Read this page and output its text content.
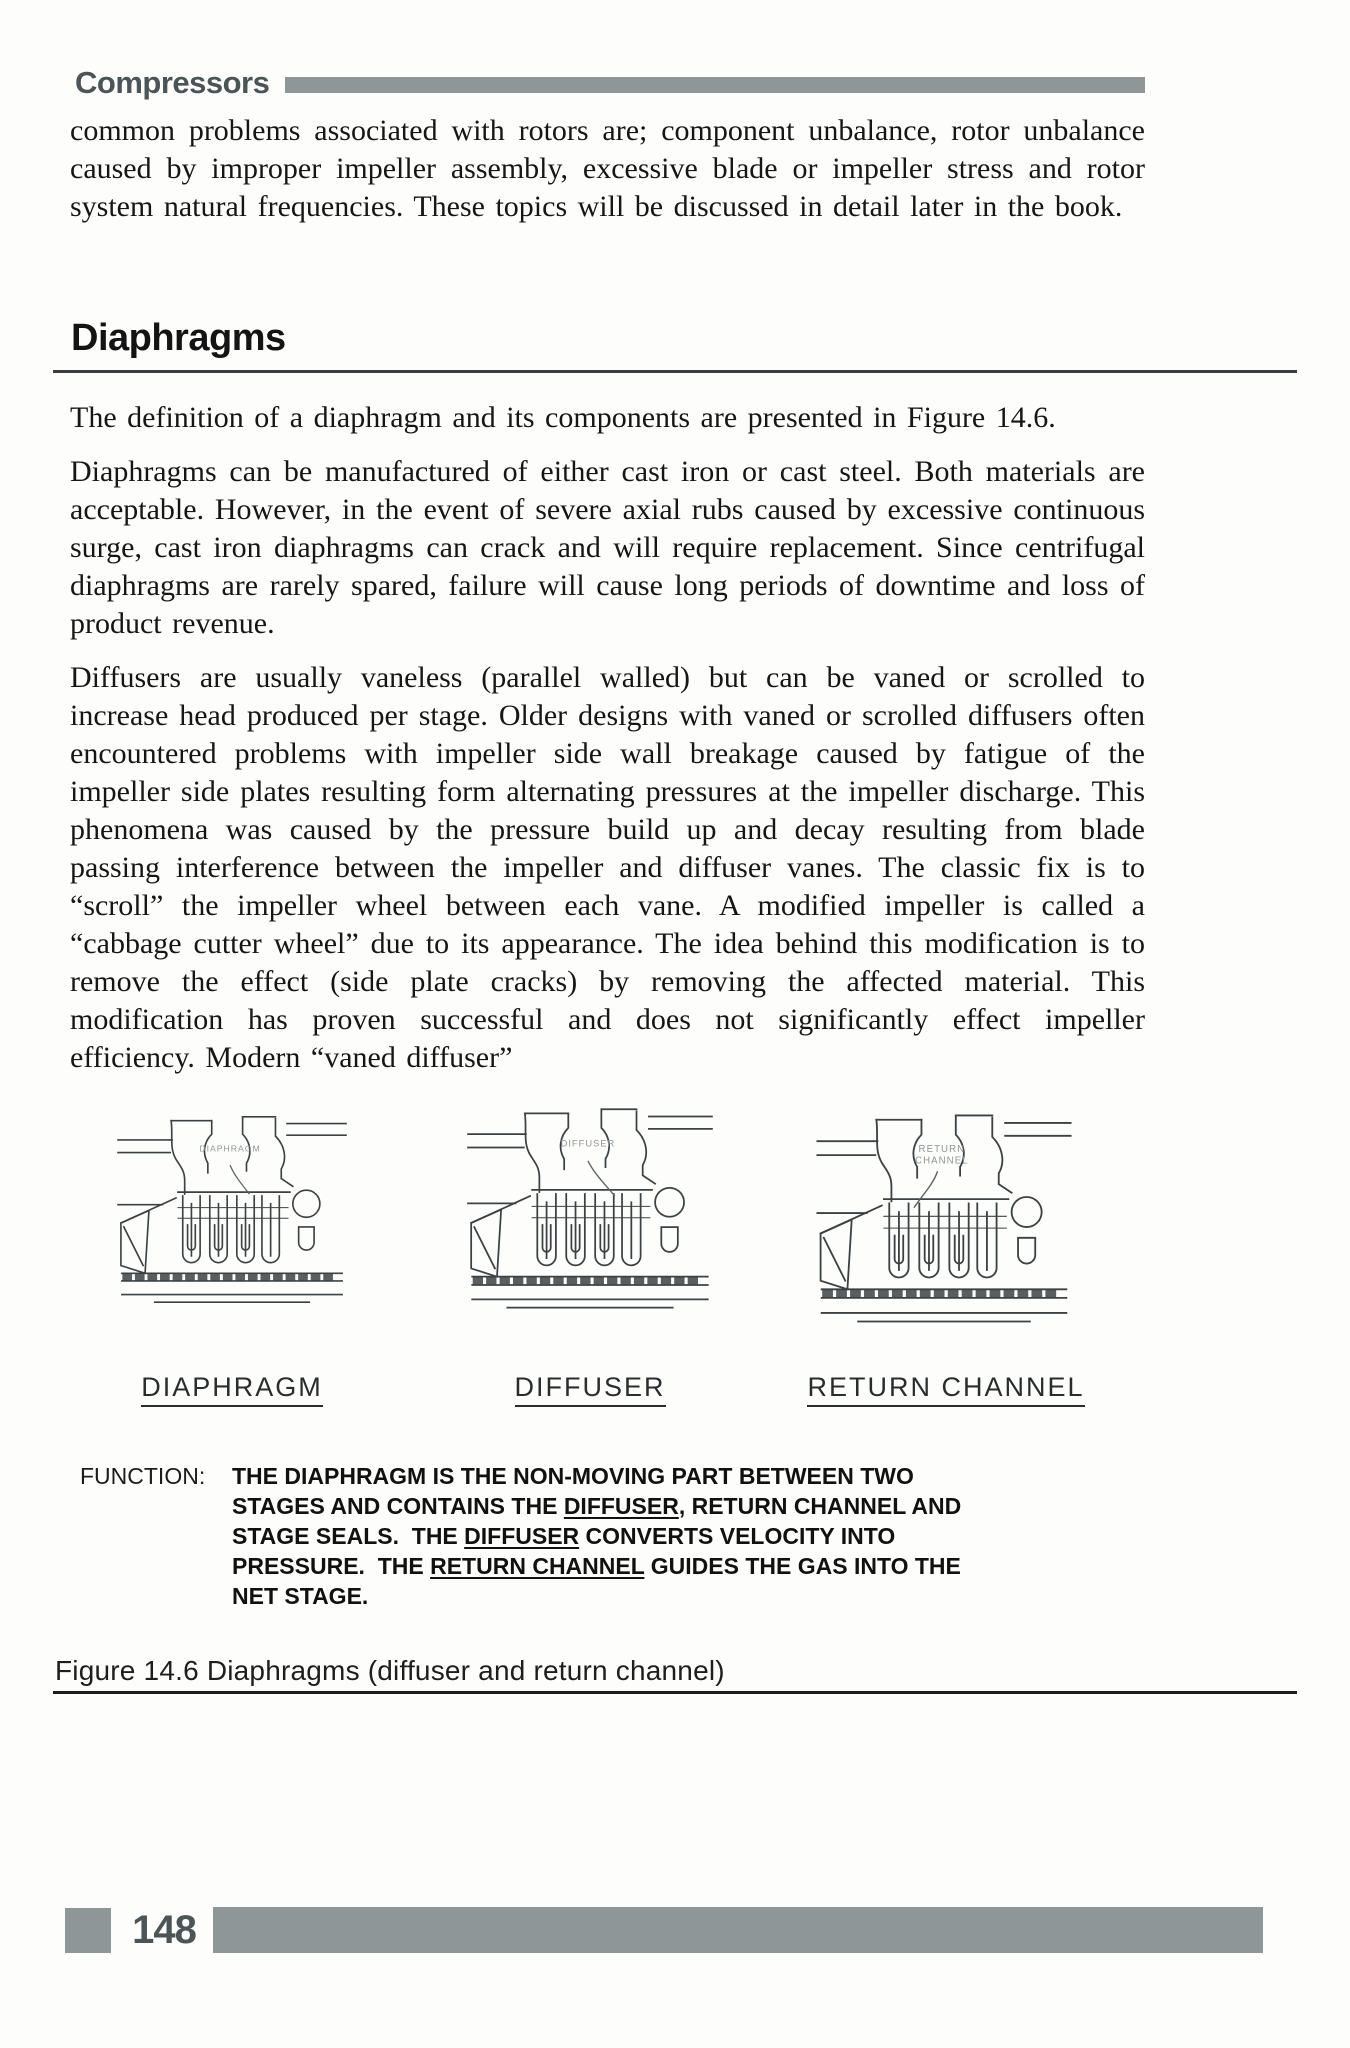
Compressors

common problems associated with rotors are; component unbalance, rotor unbalance caused by improper impeller assembly, excessive blade or impeller stress and rotor system natural frequencies. These topics will be discussed in detail later in the book.

Diaphragms

The definition of a diaphragm and its components are presented in Figure 14.6.

Diaphragms can be manufactured of either cast iron or cast steel. Both materials are acceptable. However, in the event of severe axial rubs caused by excessive continuous surge, cast iron diaphragms can crack and will require replacement. Since centrifugal diaphragms are rarely spared, failure will cause long periods of downtime and loss of product revenue.

Diffusers are usually vaneless (parallel walled) but can be vaned or scrolled to increase head produced per stage. Older designs with vaned or scrolled diffusers often encountered problems with impeller side wall breakage caused by fatigue of the impeller side plates resulting form alternating pressures at the impeller discharge. This phenomena was caused by the pressure build up and decay resulting from blade passing interference between the impeller and diffuser vanes. The classic fix is to “scroll” the impeller wheel between each vane. A modified impeller is called a “cabbage cutter wheel” due to its appearance. The idea behind this modification is to remove the effect (side plate cracks) by removing the affected material. This modification has proven successful and does not significantly effect impeller efficiency. Modern “vaned diffuser”

DIAPHRAGM
DIFFUSER
RETURN
CHANNEL
DIAPHRAGM	DIFFUSER	RETURN CHANNEL
FUNCTION:	THE DIAPHRAGM IS THE NON-MOVING PART BETWEEN TWO
STAGES AND CONTAINS THE DIFFUSER, RETURN CHANNEL AND
STAGE SEALS.  THE DIFFUSER CONVERTS VELOCITY INTO
PRESSURE.  THE RETURN CHANNEL GUIDES THE GAS INTO THE
NET STAGE.
Figure 14.6 Diaphragms (diffuser and return channel)
148
